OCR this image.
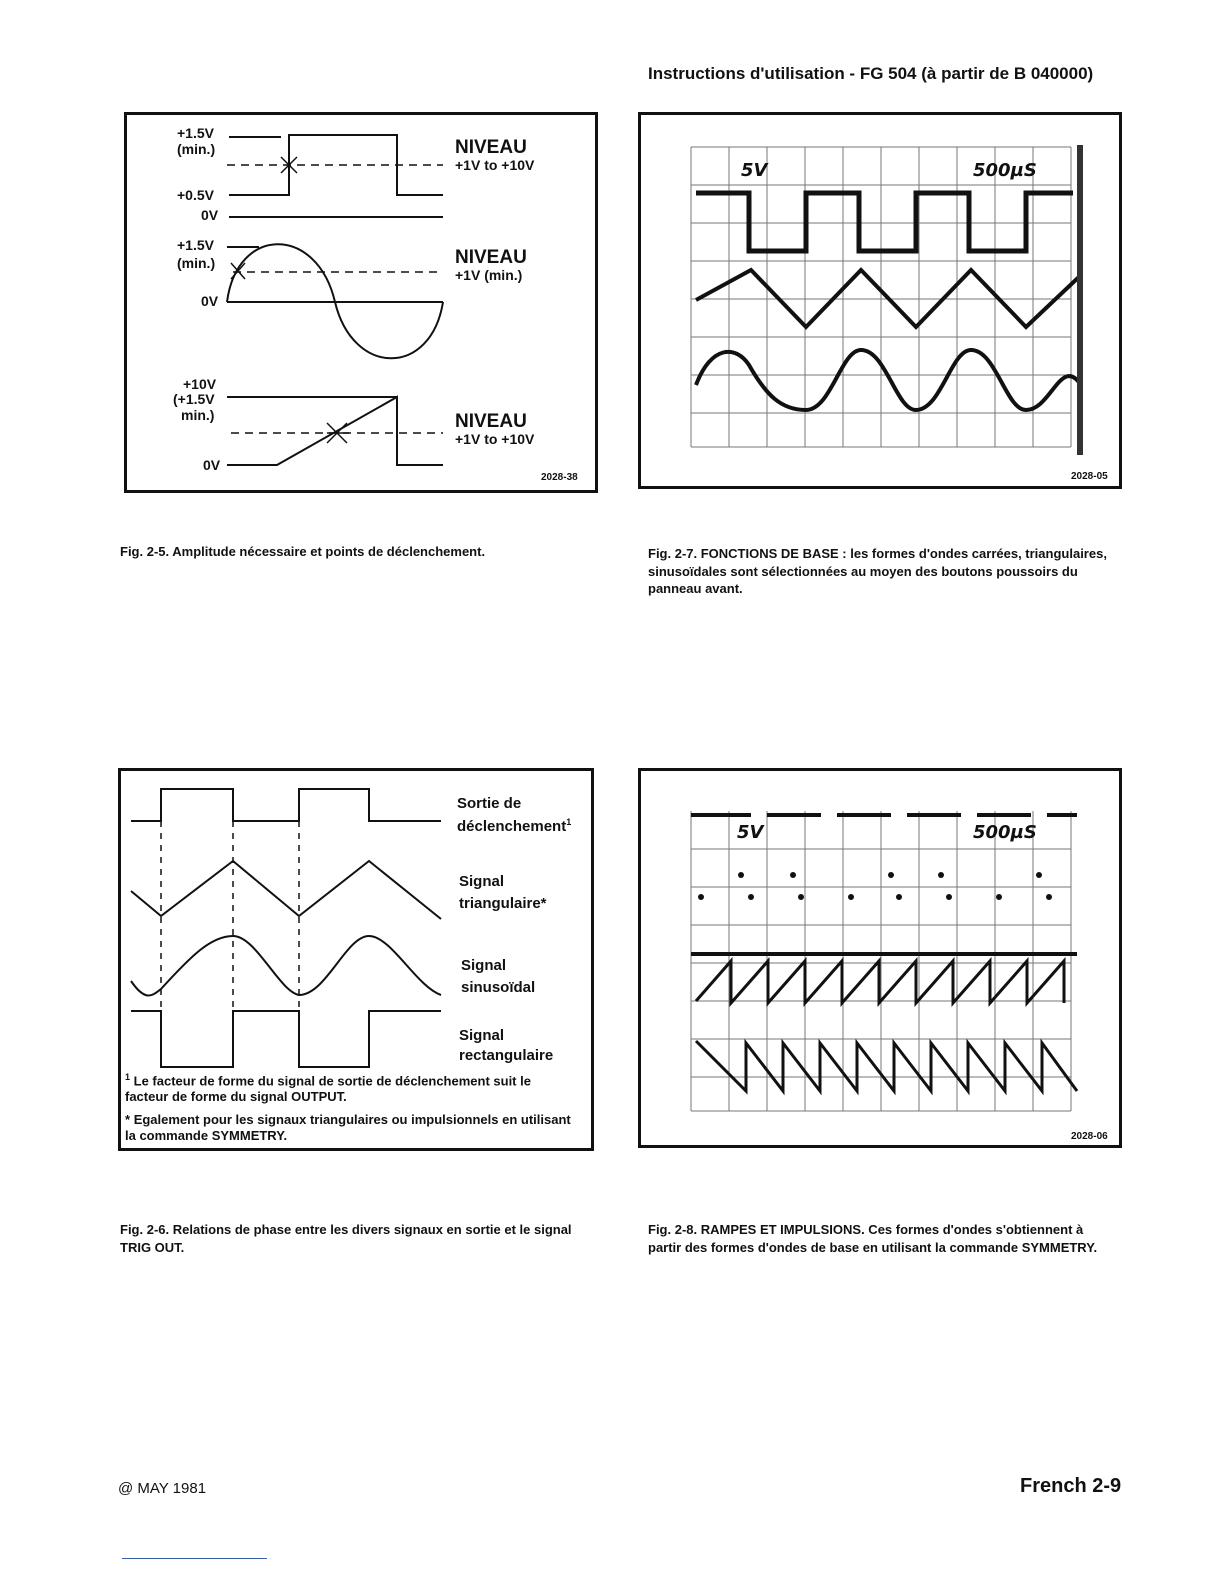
Instructions d'utilisation - FG 504 (à partir de B 040000)
+1.5V
(min.)
+0.5V
0V
NIVEAU
+1V to +10V
+1.5V
(min.)
0V
NIVEAU
+1V (min.)
+10V
(+1.5V
min.)
0V
NIVEAU
+1V to +10V
2028-38
Fig. 2-5. Amplitude nécessaire et points de déclenchement.
5V	500µS
2028-05
Fig. 2-7. FONCTIONS DE BASE : les formes d'ondes carrées, triangulaires, sinusoïdales sont sélectionnées au moyen des boutons poussoirs du panneau avant.
Sortie de
déclenchement$^1$
Signal
triangulaire*
Signal
sinusoïdal
Signal
rectangulaire
$^1$ Le facteur de forme du signal de sortie de déclenchement suit le facteur de forme du signal OUTPUT.
* Egalement pour les signaux triangulaires ou impulsionnels en utilisant la commande SYMMETRY.
Fig. 2-6. Relations de phase entre les divers signaux en sortie et le signal TRIG OUT.
5V	500µS
2028-06
Fig. 2-8. RAMPES ET IMPULSIONS. Ces formes d'ondes s'obtiennent à partir des formes d'ondes de base en utilisant la commande SYMMETRY.
@ MAY 1981	French 2-9
